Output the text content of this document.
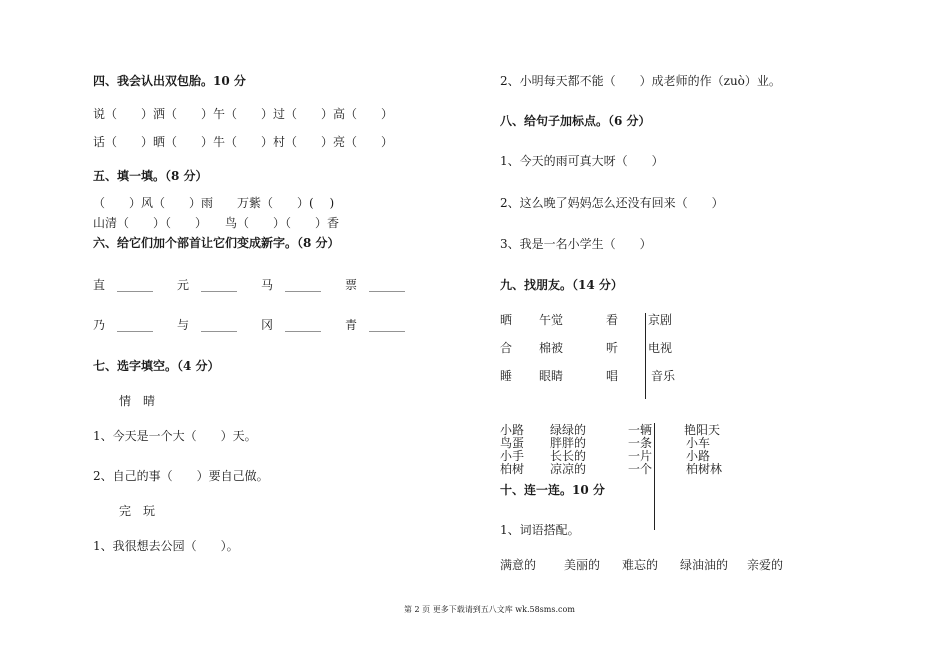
四、我会认出双包胎。10 分
说（　　）洒（　　）午（　　）过（　　）高（　　）
话（　　）晒（　　）牛（　　）村（　　）亮（　　）
五、填一填。（8 分）
（　　）风（　　）雨　　万紫（　　）( 　)
山清（　　）（　　）　　鸟（　　）（　　）香
六、给它们加个部首让它们变成新字。（8 分）
直　______　　元　______　　马　______　　票　______
乃　______　　与　______　　冈　______　　青　______
七、选字填空。（4 分）
情　晴
1、今天是一个大（　　）天。
2、自己的事（　　）要自己做。
完　玩
1、我很想去公园（　　）。
2、小明每天都不能（　　）成老师的作（zuò）业。
八、给句子加标点。（6 分）
1、今天的雨可真大呀（　　）
2、这么晚了妈妈怎么还没有回来（　　）
3、我是一名小学生（　　）
九、找朋友。（14 分）
晒 午觉	看 京剧
合 棉被	听 电视
睡 眼睛	唱	音乐
小路 绿绿的	一辆	艳阳天
鸟蛋 胖胖的	一条	小车
小手 长长的	一片	小路
柏树 凉凉的	一个	柏树林
十、连一连。10 分
1、词语搭配。
满意的 美丽的 难忘的 绿油油的 亲爱的
第 2 页 更多下载请到五八文库 wk.58sms.com
